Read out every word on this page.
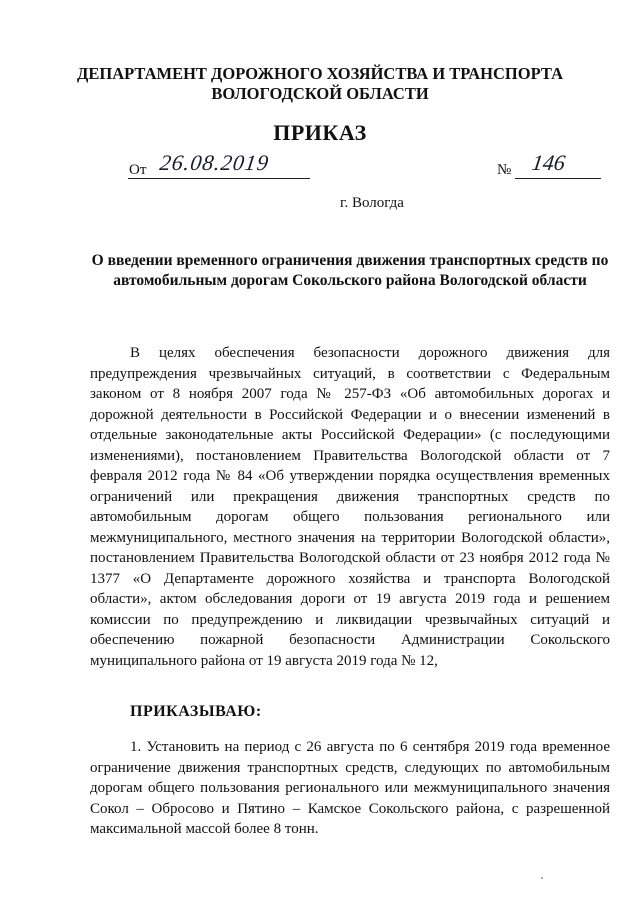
ДЕПАРТАМЕНТ ДОРОЖНОГО ХОЗЯЙСТВА И ТРАНСПОРТА
ВОЛОГОДСКОЙ ОБЛАСТИ
ПРИКАЗ
От 26.08.2019	№ 146
г. Вологда
О введении временного ограничения движения транспортных средств по
автомобильным дорогам Сокольского района Вологодской области

В целях обеспечения безопасности дорожного движения для предупреждения чрезвычайных ситуаций, в соответствии с Федеральным законом от 8 ноября 2007 года № 257-ФЗ «Об автомобильных дорогах и дорожной деятельности в Российской Федерации и о внесении изменений в отдельные законодательные акты Российской Федерации» (с последующими изменениями), постановлением Правительства Вологодской области от 7 февраля 2012 года № 84 «Об утверждении порядка осуществления временных ограничений или прекращения движения транспортных средств по автомобильным дорогам общего пользования регионального или межмуниципального, местного значения на территории Вологодской области», постановлением Правительства Вологодской области от 23 ноября 2012 года № 1377 «О Департаменте дорожного хозяйства и транспорта Вологодской области», актом обследования дороги от 19 августа 2019 года и решением комиссии по предупреждению и ликвидации чрезвычайных ситуаций и обеспечению пожарной безопасности Администрации Сокольского муниципального района от 19 августа 2019 года № 12,

ПРИКАЗЫВАЮ:

1. Установить на период с 26 августа по 6 сентября 2019 года временное ограничение движения транспортных средств, следующих по автомобильным дорогам общего пользования регионального или межмуниципального значения Сокол – Обросово и Пятино – Камское Сокольского района, с разрешенной максимальной массой более 8 тонн.
